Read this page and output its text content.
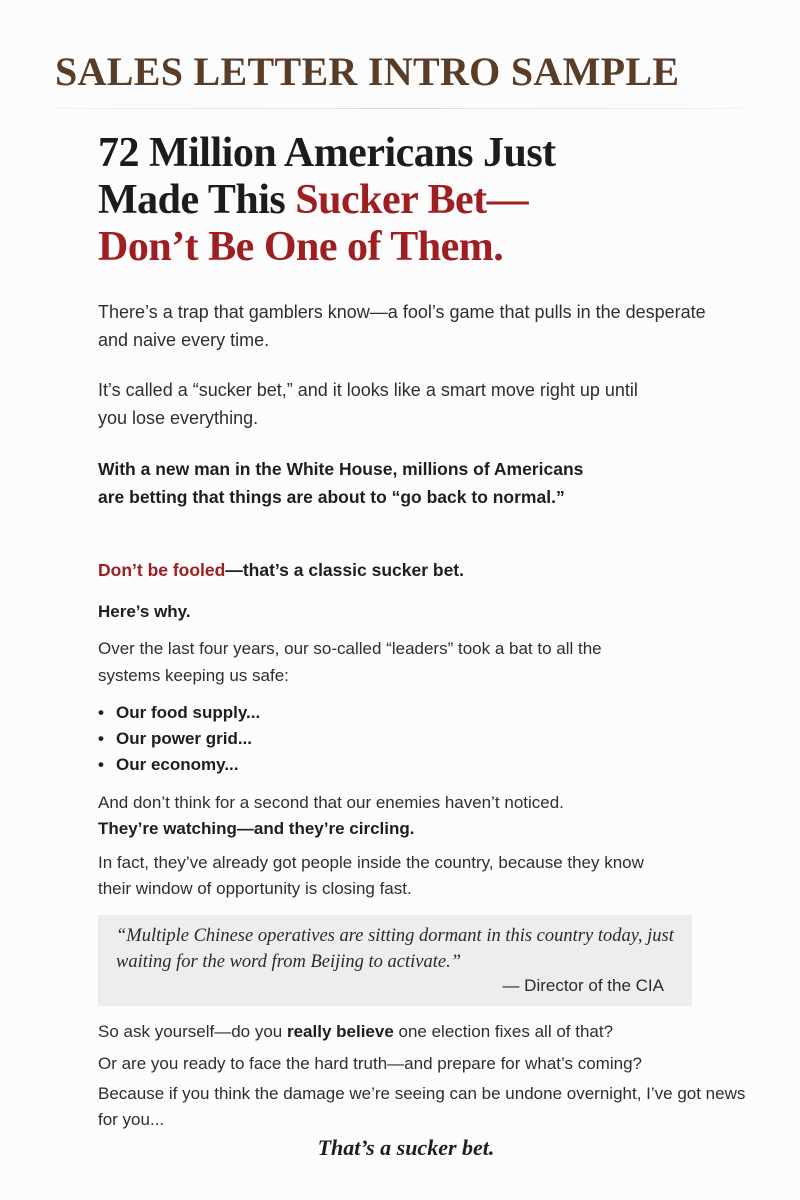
SALES LETTER INTRO SAMPLE
72 Million Americans Just
Made This Sucker Bet—
Don’t Be One of Them.

There’s a trap that gamblers know—a fool’s game that pulls in the desperate and naive every time.

It’s called a “sucker bet,” and it looks like a smart move right up until you lose everything.

With a new man in the White House, millions of Americans are betting that things are about to “go back to normal.”

Don’t be fooled—that’s a classic sucker bet.

Here’s why.

Over the last four years, our so-called “leaders” took a bat to all the systems keeping us safe:

• Our food supply...
• Our power grid...
• Our economy...

And don’t think for a second that our enemies haven’t noticed.

They’re watching—and they’re circling.

In fact, they’ve already got people inside the country, because they know their window of opportunity is closing fast.

“Multiple Chinese operatives are sitting dormant in this country today, just waiting for the word from Beijing to activate.”

— Director of the CIA

So ask yourself—do you really believe one election fixes all of that?

Or are you ready to face the hard truth—and prepare for what’s coming?

Because if you think the damage we’re seeing can be undone overnight, I’ve got news for you...

That’s a sucker bet.
